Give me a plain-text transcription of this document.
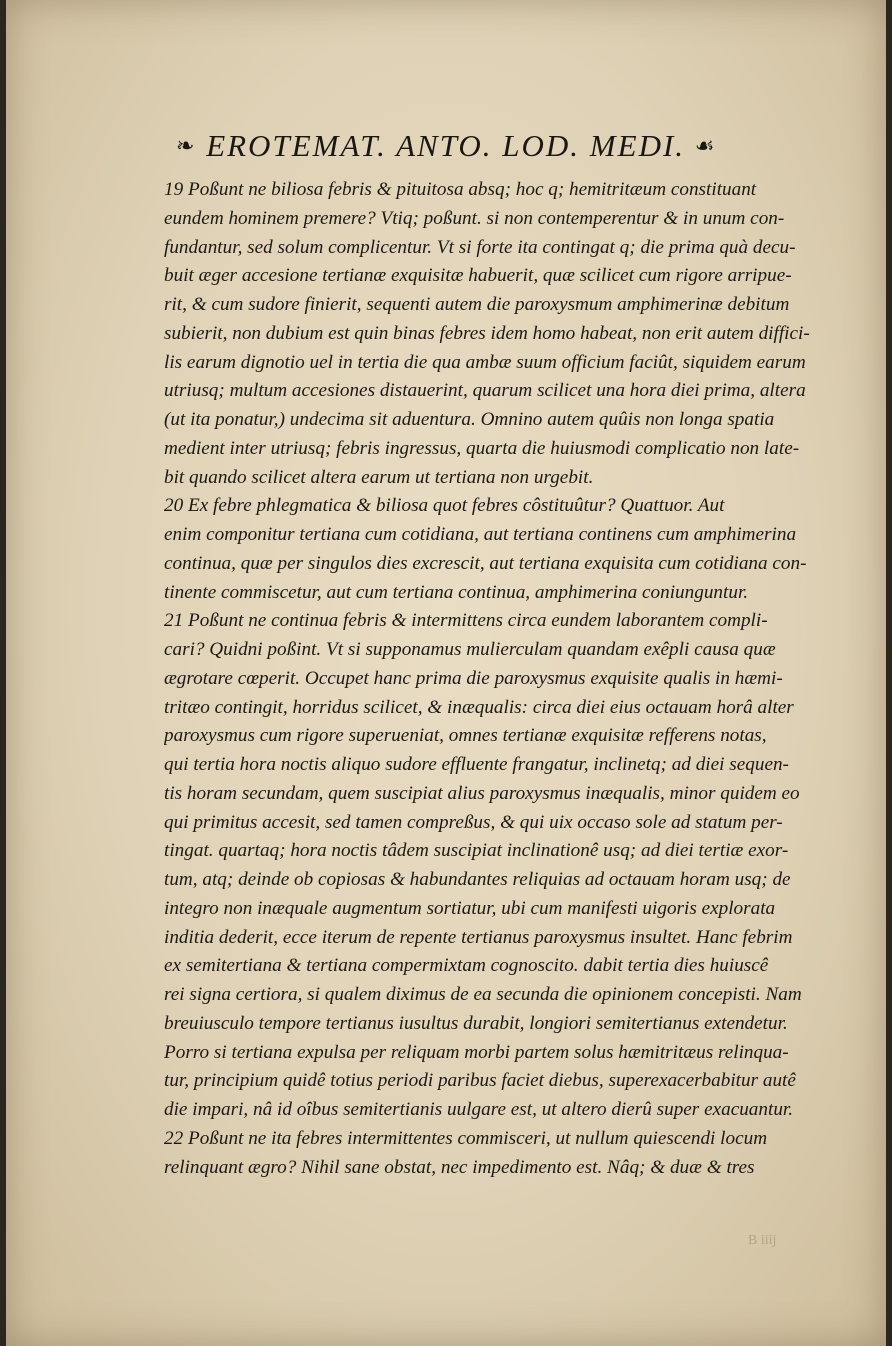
❧ EROTEMAT. ANTO. LOD. MEDI. ☙
19 Poßunt ne biliosa febris & pituitosa absq; hoc q; hemitritæum constituant
eundem hominem premere? Vtiq; poßunt. si non contemperentur & in unum con-
fundantur, sed solum complicentur. Vt si forte ita contingat q; die prima quà decu-
buit æger accesione tertianæ exquisitæ habuerit, quæ scilicet cum rigore arripue-
rit, & cum sudore finierit, sequenti autem die paroxysmum amphimerinæ debitum
subierit, non dubium est quin binas febres idem homo habeat, non erit autem diffici-
lis earum dignotio uel in tertia die qua ambæ suum officium faciût, siquidem earum
utriusq; multum accesiones distauerint, quarum scilicet una hora diei prima, altera
(ut ita ponatur,) undecima sit aduentura. Omnino autem quûis non longa spatia
medient inter utriusq; febris ingressus, quarta die huiusmodi complicatio non late-
bit quando scilicet altera earum ut tertiana non urgebit.
20 Ex febre phlegmatica & biliosa quot febres côstituûtur? Quattuor. Aut
enim componitur tertiana cum cotidiana, aut tertiana continens cum amphimerina
continua, quæ per singulos dies excrescit, aut tertiana exquisita cum cotidiana con-
tinente commiscetur, aut cum tertiana continua, amphimerina coniunguntur.
21 Poßunt ne continua febris & intermittens circa eundem laborantem compli-
cari? Quidni poßint. Vt si supponamus mulierculam quandam exêpli causa quæ
ægrotare cœperit. Occupet hanc prima die paroxysmus exquisite qualis in hæmi-
tritæo contingit, horridus scilicet, & inæqualis: circa diei eius octauam horâ alter
paroxysmus cum rigore superueniat, omnes tertianæ exquisitæ refferens notas,
qui tertia hora noctis aliquo sudore effluente frangatur, inclinetq; ad diei sequen-
tis horam secundam, quem suscipiat alius paroxysmus inæqualis, minor quidem eo
qui primitus accesit, sed tamen compreßus, & qui uix occaso sole ad statum per-
tingat. quartaq; hora noctis tâdem suscipiat inclinationê usq; ad diei tertiæ exor-
tum, atq; deinde ob copiosas & habundantes reliquias ad octauam horam usq; de
integro non inæquale augmentum sortiatur, ubi cum manifesti uigoris explorata
inditia dederit, ecce iterum de repente tertianus paroxysmus insultet. Hanc febrim
ex semitertiana & tertiana compermixtam cognoscito. dabit tertia dies huiuscê
rei signa certiora, si qualem diximus de ea secunda die opinionem concepisti. Nam
breuiusculo tempore tertianus iusultus durabit, longiori semitertianus extendetur.
Porro si tertiana expulsa per reliquam morbi partem solus hæmitritæus relinqua-
tur, principium quidê totius periodi paribus faciet diebus, superexacerbabitur autê
die impari, nâ id oîbus semitertianis uulgare est, ut altero dierû super exacuantur.
22 Poßunt ne ita febres intermittentes commisceri, ut nullum quiescendi locum
relinquant ægro? Nihil sane obstat, nec impedimento est. Nâq; & duæ & tres
B iiij
